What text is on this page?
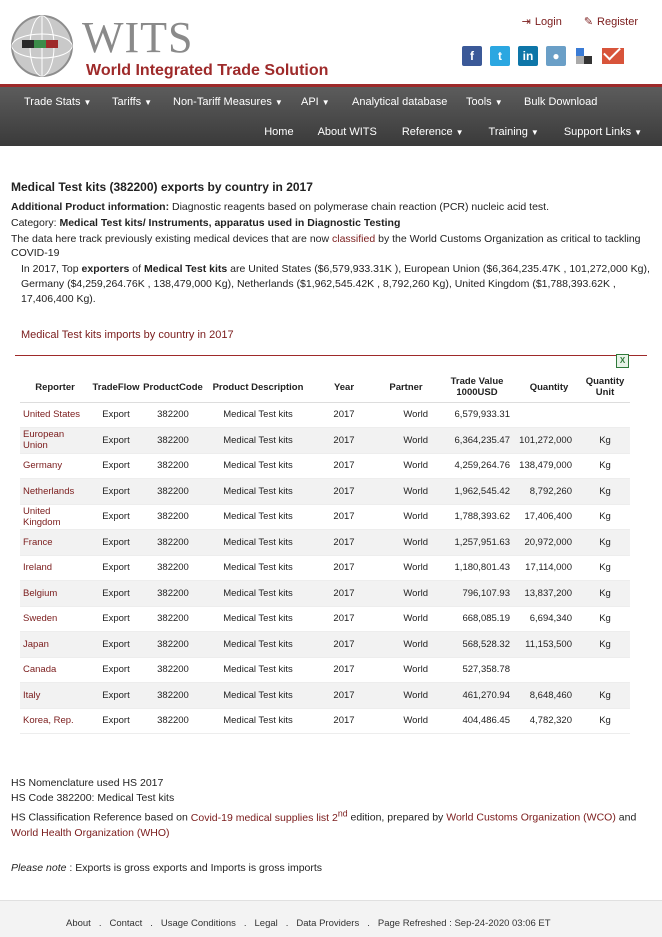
WITS
World Integrated Trade Solution
⇥ Login ✎ Register
f	t	in	●
Trade Stats ▼	Tariffs ▼	Non-Tariff Measures ▼	API ▼	Analytical database	Tools ▼	Bulk Download
Home About WITS Reference ▼ Training ▼ Support Links ▼
Medical Test kits (382200) exports by country in 2017
Additional Product information: Diagnostic reagents based on polymerase chain reaction (PCR) nucleic acid test.
Category: Medical Test kits/ Instruments, apparatus used in Diagnostic Testing
The data here track previously existing medical devices that are now classified by the World Customs Organization as critical to tackling COVID-19

In 2017, Top exporters of Medical Test kits are United States ($6,579,933.31K ), European Union ($6,364,235.47K , 101,272,000 Kg), Germany ($4,259,264.76K , 138,479,000 Kg), Netherlands ($1,962,545.42K , 8,792,260 Kg), United Kingdom ($1,788,393.62K , 17,406,400 Kg).

Medical Test kits imports by country in 2017
X
Reporter	TradeFlow	ProductCode	Product Description	Year	Partner	Trade Value 1000USD	Quantity	Quantity Unit
United States	Export	382200	Medical Test kits	2017	World	6,579,933.31		
European Union	Export	382200	Medical Test kits	2017	World	6,364,235.47	101,272,000	Kg
Germany	Export	382200	Medical Test kits	2017	World	4,259,264.76	138,479,000	Kg
Netherlands	Export	382200	Medical Test kits	2017	World	1,962,545.42	8,792,260	Kg
United Kingdom	Export	382200	Medical Test kits	2017	World	1,788,393.62	17,406,400	Kg
France	Export	382200	Medical Test kits	2017	World	1,257,951.63	20,972,000	Kg
Ireland	Export	382200	Medical Test kits	2017	World	1,180,801.43	17,114,000	Kg
Belgium	Export	382200	Medical Test kits	2017	World	796,107.93	13,837,200	Kg
Sweden	Export	382200	Medical Test kits	2017	World	668,085.19	6,694,340	Kg
Japan	Export	382200	Medical Test kits	2017	World	568,528.32	11,153,500	Kg
Canada	Export	382200	Medical Test kits	2017	World	527,358.78		
Italy	Export	382200	Medical Test kits	2017	World	461,270.94	8,648,460	Kg
Korea, Rep.	Export	382200	Medical Test kits	2017	World	404,486.45	4,782,320	Kg

HS Nomenclature used HS 2017
HS Code 382200: Medical Test kits
HS Classification Reference based on Covid-19 medical supplies list 2nd edition, prepared by World Customs Organization (WCO) and World Health Organization (WHO)
Please note : Exports is gross exports and Imports is gross imports
About . Contact . Usage Conditions . Legal . Data Providers . Page Refreshed : Sep-24-2020 03:06 ET
